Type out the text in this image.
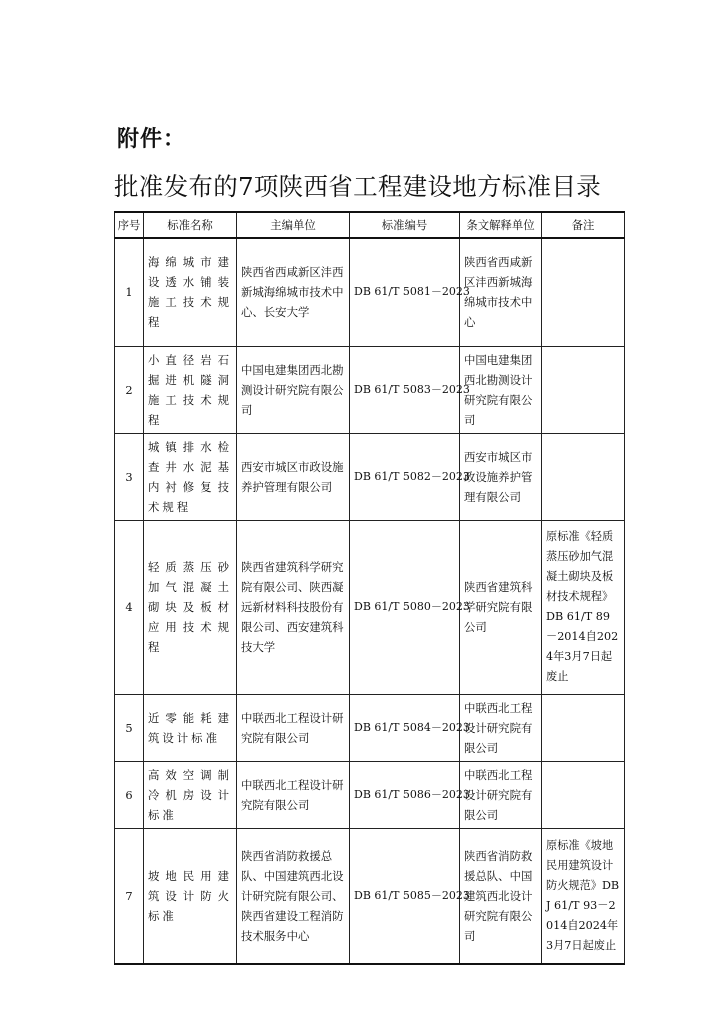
附件：
批准发布的7项陕西省工程建设地方标准目录
序号	标准名称	主编单位	标准编号	条文解释单位	备注
1	海绵城市建设透水铺装施工技术规程	陕西省西咸新区沣西新城海绵城市技术中心、长安大学	DB 61/T 5081－2023	陕西省西咸新区沣西新城海绵城市技术中心	
2	小直径岩石掘进机隧洞施工技术规程	中国电建集团西北勘测设计研究院有限公司	DB 61/T 5083－2023	中国电建集团西北勘测设计研究院有限公司	
3	城镇排水检查井水泥基内衬修复技术规程	西安市城区市政设施养护管理有限公司	DB 61/T 5082－2023	西安市城区市政设施养护管理有限公司	
4	轻质蒸压砂加气混凝土砌块及板材应用技术规程	陕西省建筑科学研究院有限公司、陕西凝远新材料科技股份有限公司、西安建筑科技大学	DB 61/T 5080－2023	陕西省建筑科学研究院有限公司	原标准《轻质蒸压砂加气混凝土砌块及板材技术规程》DB 61/T 89－2014自2024年3月7日起废止
5	近零能耗建筑设计标准	中联西北工程设计研究院有限公司	DB 61/T 5084－2023	中联西北工程设计研究院有限公司	
6	高效空调制冷机房设计标准	中联西北工程设计研究院有限公司	DB 61/T 5086－2023	中联西北工程设计研究院有限公司	
7	坡地民用建筑设计防火标准	陕西省消防救援总队、中国建筑西北设计研究院有限公司、陕西省建设工程消防技术服务中心	DB 61/T 5085－2023	陕西省消防救援总队、中国建筑西北设计研究院有限公司	原标准《坡地民用建筑设计防火规范》DBJ 61/T 93－2014自2024年3月7日起废止
